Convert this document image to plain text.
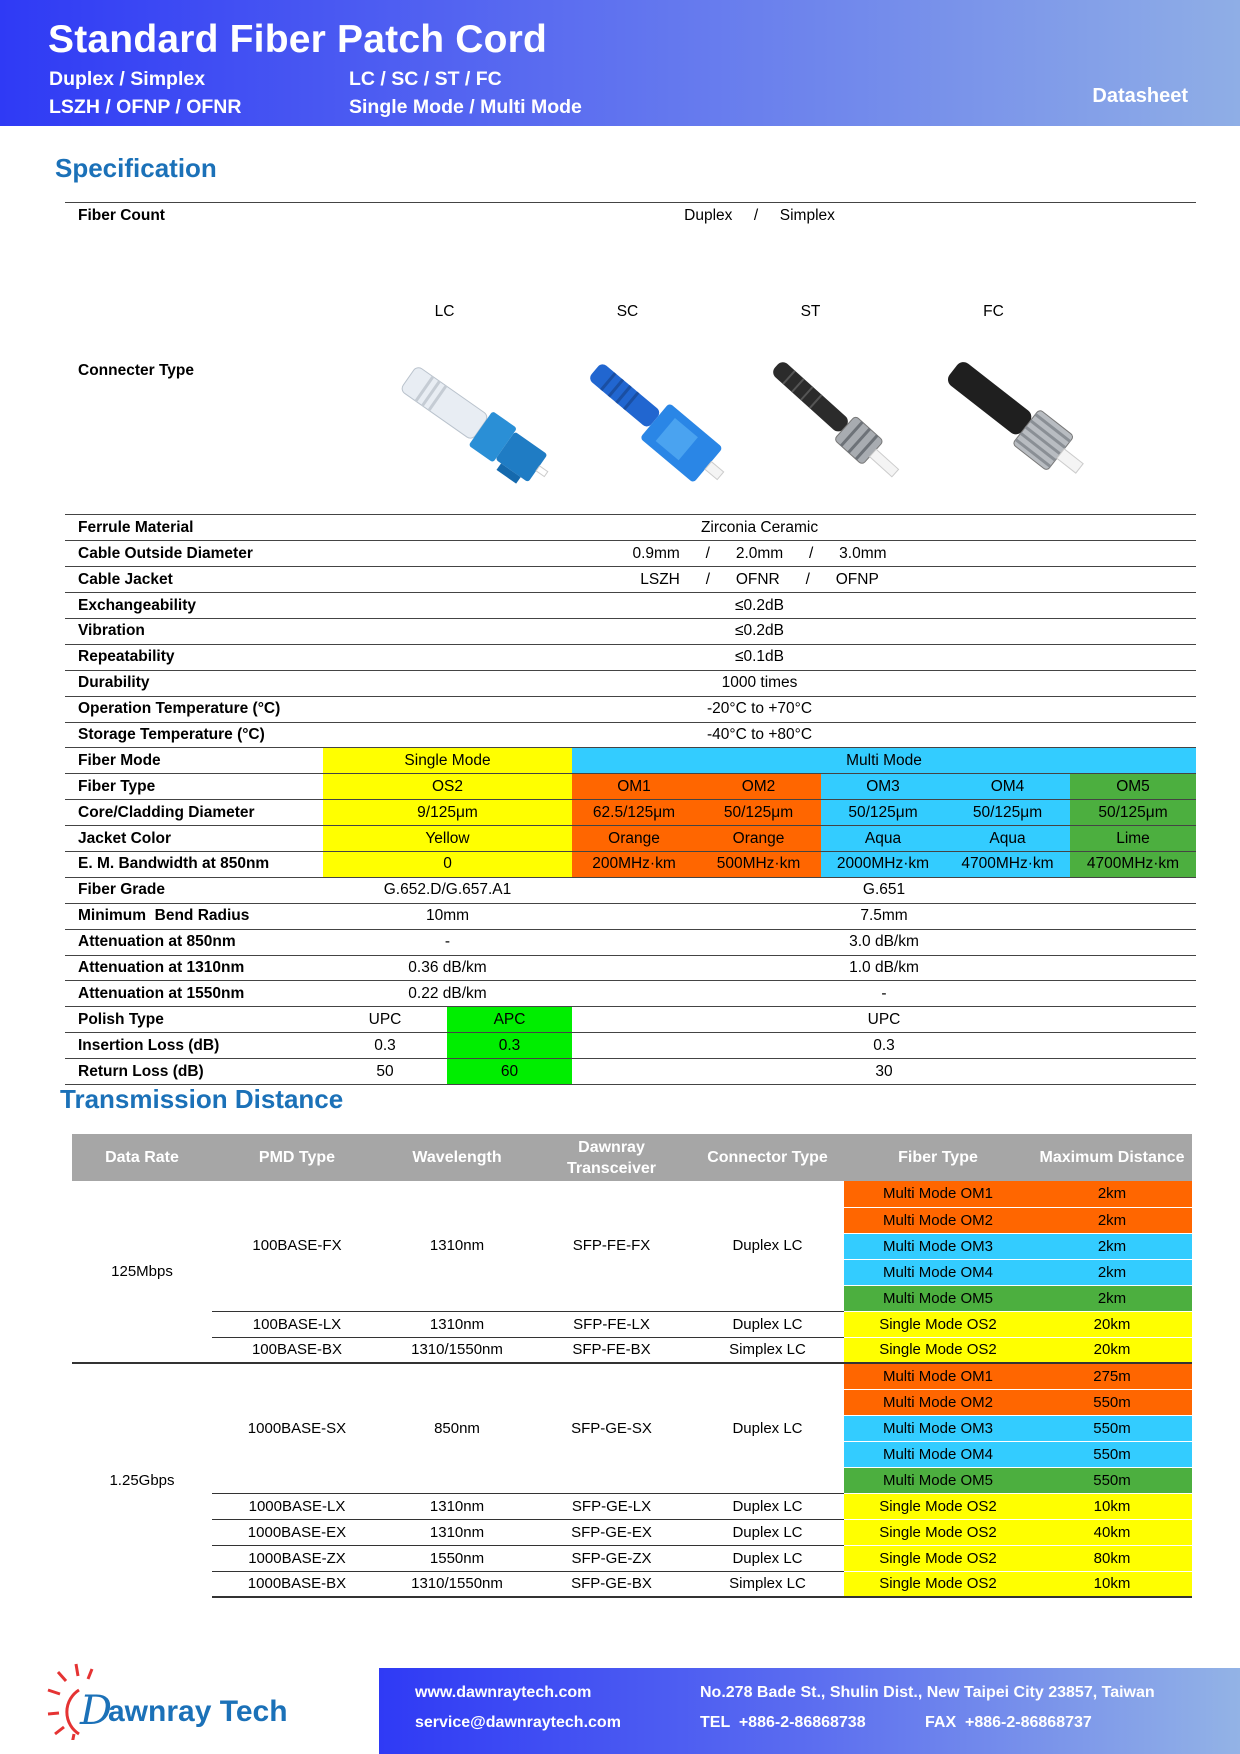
Standard Fiber Patch Cord
Duplex / Simplex	LC / SC / ST / FC
LSZH / OFNP / OFNR	Single Mode / Multi Mode	Datasheet
Specification
Fiber Count	Duplex     /     Simplex						
Connecter Type	LC

SC

ST

FC						

Ferrule Material	Zirconia Ceramic						
Cable Outside Diameter	0.9mm      /      2.0mm      /      3.0mm						
Cable Jacket	LSZH      /      OFNR      /      OFNP						
Exchangeability	≤0.2dB						
Vibration	≤0.2dB						
Repeatability	≤0.1dB						
Durability	1000 times						
Operation Temperature (°C)	-20°C to +70°C						
Storage Temperature (°C)	-40°C to +80°C						
Fiber Mode	Single Mode		Multi Mode				
Fiber Type	OS2		OM1	OM2	OM3	OM4	OM5
Core/Cladding Diameter	9/125μm		62.5/125μm	50/125μm	50/125μm	50/125μm	50/125μm
Jacket Color	Yellow		Orange	Orange	Aqua	Aqua	Lime
E. M. Bandwidth at 850nm	0		200MHz·km	500MHz·km	2000MHz·km	4700MHz·km	4700MHz·km
Fiber Grade	G.652.D/G.657.A1		G.651				
Minimum  Bend Radius	10mm		7.5mm				
Attenuation at 850nm	-		3.0 dB/km				
Attenuation at 1310nm	0.36 dB/km		1.0 dB/km				
Attenuation at 1550nm	0.22 dB/km		-				
Polish Type	UPC	APC	UPC				
Insertion Loss (dB)	0.3	0.3	0.3				
Return Loss (dB)	50	60	30				
Transmission Distance
Data Rate	PMD Type	Wavelength	Dawnray Transceiver	Connector Type	Fiber Type	Maximum Distance
125Mbps	100BASE-FX	1310nm	SFP-FE-FX	Duplex LC	Multi Mode OM1	2km
					Multi Mode OM2	2km
					Multi Mode OM3	2km
					Multi Mode OM4	2km
					Multi Mode OM5	2km
	100BASE-LX	1310nm	SFP-FE-LX	Duplex LC	Single Mode OS2	20km
	100BASE-BX	1310/1550nm	SFP-FE-BX	Simplex LC	Single Mode OS2	20km
1.25Gbps	1000BASE-SX	850nm	SFP-GE-SX	Duplex LC	Multi Mode OM1	275m
					Multi Mode OM2	550m
					Multi Mode OM3	550m
					Multi Mode OM4	550m
					Multi Mode OM5	550m
	1000BASE-LX	1310nm	SFP-GE-LX	Duplex LC	Single Mode OS2	10km
	1000BASE-EX	1310nm	SFP-GE-EX	Duplex LC	Single Mode OS2	40km
	1000BASE-ZX	1550nm	SFP-GE-ZX	Duplex LC	Single Mode OS2	80km
	1000BASE-BX	1310/1550nm	SFP-GE-BX	Simplex LC	Single Mode OS2	10km
D
awnray Tech
www.dawnraytech.com
service@dawnraytech.com
No.278 Bade St., Shulin Dist., New Taipei City 23857, Taiwan
TEL  +886-2-86868738	FAX  +886-2-86868737
